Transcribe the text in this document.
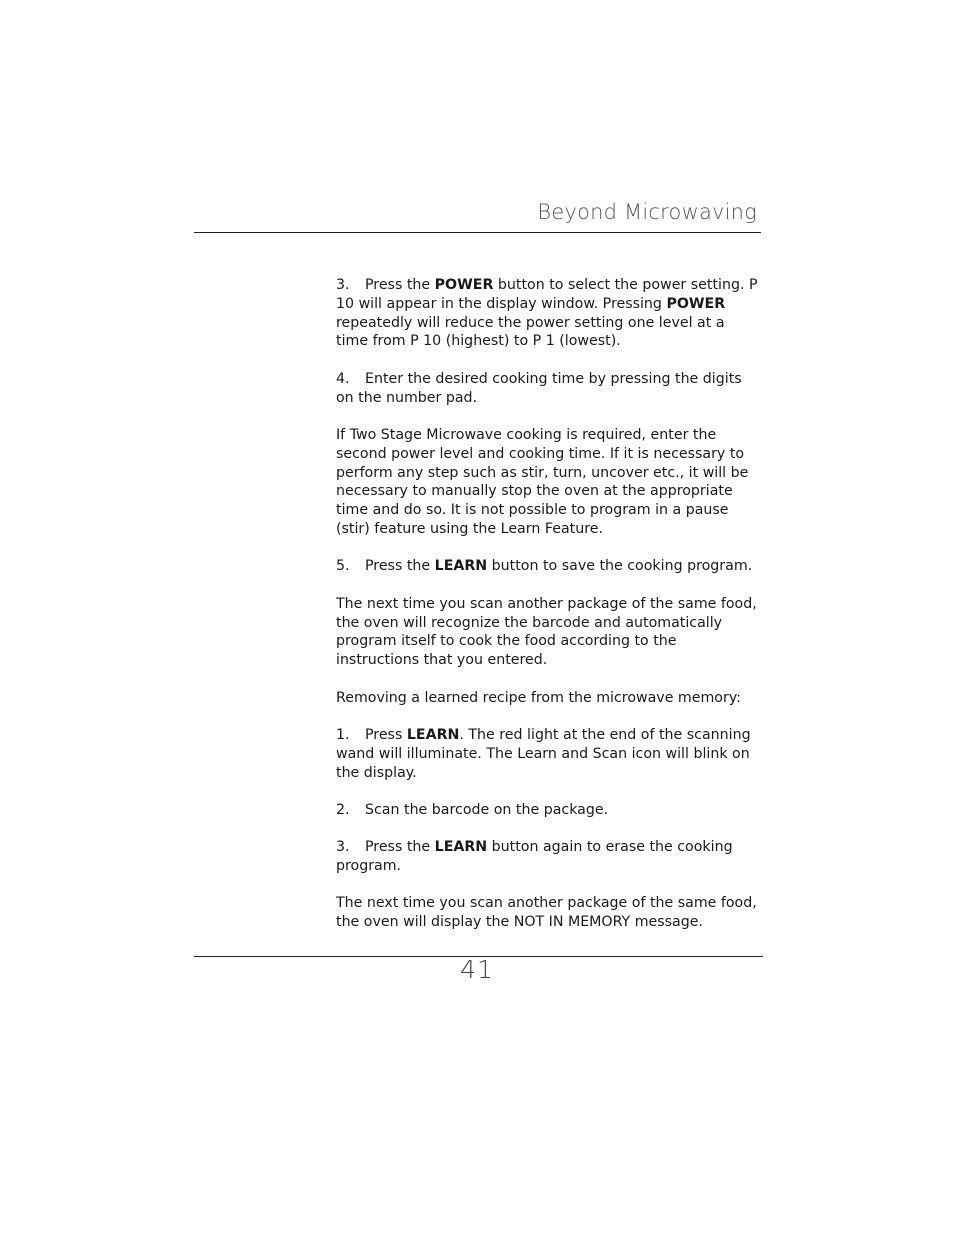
Beyond Microwaving

3. Press the POWER button to select the power setting. P 10 will appear in the display window. Pressing POWER repeatedly will reduce the power setting one level at a time from P 10 (highest) to P 1 (lowest).

4. Enter the desired cooking time by pressing the digits on the number pad.

If Two Stage Microwave cooking is required, enter the second power level and cooking time. If it is necessary to perform any step such as stir, turn, uncover etc., it will be necessary to manually stop the oven at the appropriate time and do so. It is not possible to program in a pause (stir) feature using the Learn Feature.

5. Press the LEARN button to save the cooking program.

The next time you scan another package of the same food, the oven will recognize the barcode and automatically program itself to cook the food according to the instructions that you entered.

Removing a learned recipe from the microwave memory:

1. Press LEARN. The red light at the end of the scanning wand will illuminate. The Learn and Scan icon will blink on the display.

2. Scan the barcode on the package.

3. Press the LEARN button again to erase the cooking program.

The next time you scan another package of the same food, the oven will display the NOT IN MEMORY message.

41
